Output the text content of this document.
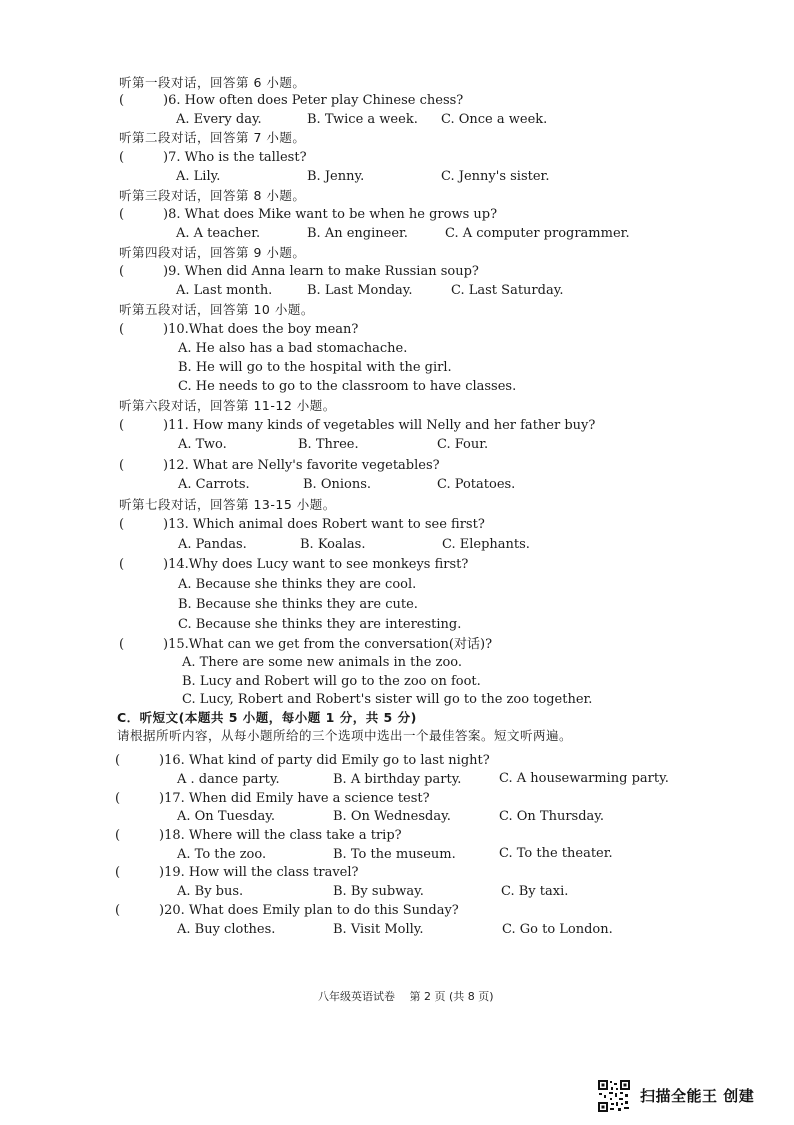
听第一段对话，回答第 6 小题。
(	)6. How often does Peter play Chinese chess?
A. Every day.	B. Twice a week. C. Once a week.
听第二段对话，回答第 7 小题。
(	)7. Who is the tallest?
A. Lily.	B. Jenny.	C. Jenny's sister.
听第三段对话，回答第 8 小题。
(	)8. What does Mike want to be when he grows up?
A. A teacher.	B. An engineer.	C. A computer programmer.
听第四段对话，回答第 9 小题。
(	)9. When did Anna learn to make Russian soup?
A. Last month.	B. Last Monday.	C. Last Saturday.
听第五段对话，回答第 10 小题。
(	)10.What does the boy mean?
A. He also has a bad stomachache.
B. He will go to the hospital with the girl.
C. He needs to go to the classroom to have classes.
听第六段对话，回答第 11-12 小题。
(	)11. How many kinds of vegetables will Nelly and her father buy?
A. Two.	B. Three.	C. Four.
(	)12. What are Nelly's favorite vegetables?
A. Carrots.	B. Onions.	C. Potatoes.
听第七段对话，回答第 13-15 小题。
(	)13. Which animal does Robert want to see first?
A. Pandas.	B. Koalas.	C. Elephants.
(	)14.Why does Lucy want to see monkeys first?
A. Because she thinks they are cool.
B. Because she thinks they are cute.
C. Because she thinks they are interesting.
(	)15.What can we get from the conversation(对话)?
A. There are some new animals in the zoo.
B. Lucy and Robert will go to the zoo on foot.
C. Lucy, Robert and Robert's sister will go to the zoo together.
C．听短文(本题共 5 小题，每小题 1 分，共 5 分)
请根据所听内容，从每小题所给的三个选项中选出一个最佳答案。短文听两遍。
(	)16. What kind of party did Emily go to last night?
A . dance party.	B. A birthday party.	C. A housewarming party.
(	)17. When did Emily have a science test?
A. On Tuesday.	B. On Wednesday.	C. On Thursday.
(	)18. Where will the class take a trip?
A. To the zoo.	B. To the museum.	C. To the theater.
(	)19. How will the class travel?
A. By bus.	B. By subway.	C. By taxi.
(	)20. What does Emily plan to do this Sunday?
A. Buy clothes.	B. Visit Molly.	C. Go to London.
八年级英语试卷　 第 2 页 (共 8 页)
扫描全能王 创建
